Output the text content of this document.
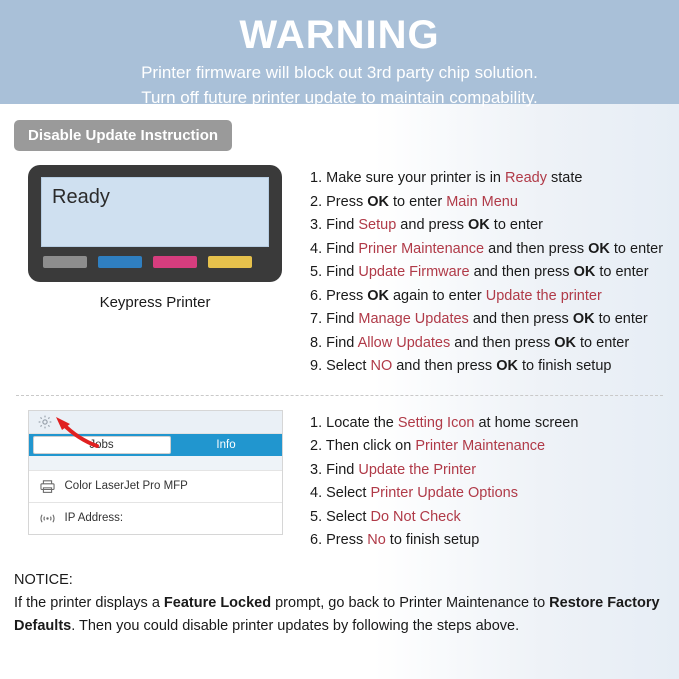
WARNING
Printer firmware will block out 3rd party chip solution.
Turn off future printer update to maintain compability.
Disable Update Instruction
Ready
Keypress Printer
1. Make sure your printer is in Ready state
2. Press OK to enter Main Menu
3. Find Setup and press OK to enter
4. Find Priner Maintenance and then press OK to enter
5. Find Update Firmware and then press OK to enter
6. Press OK again to enter Update the printer
7. Find Manage Updates and then press OK to enter
8. Find Allow Updates and then press OK to enter
9. Select NO and then press OK to finish setup
Jobs	Info
Color LaserJet Pro MFP
IP Address:
1. Locate the Setting Icon at home screen
2. Then click on Printer Maintenance
3. Find Update the Printer
4. Select Printer Update Options
5. Select Do Not Check
6. Press No to finish setup
NOTICE:
If the printer displays a Feature Locked prompt, go back to Printer Maintenance to Restore Factory Defaults. Then you could disable printer updates by following the steps above.
